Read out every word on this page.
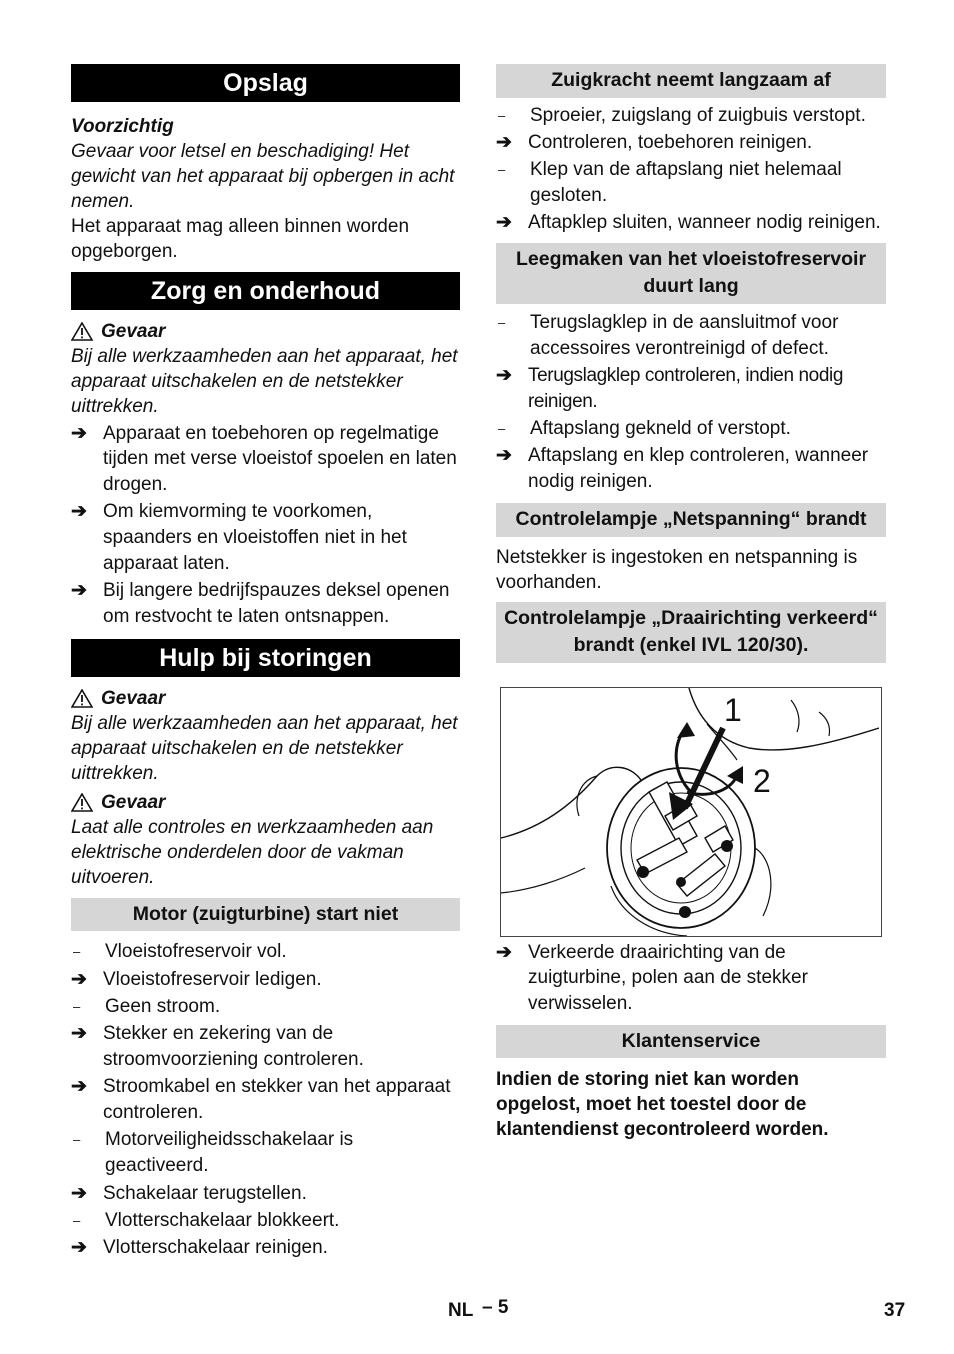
Opslag
Voorzichtig
Gevaar voor letsel en beschadiging! Het gewicht van het apparaat bij opbergen in acht nemen.
Het apparaat mag alleen binnen worden opgeborgen.
Zorg en onderhoud
Gevaar
Bij alle werkzaamheden aan het apparaat, het apparaat uitschakelen en de netstekker uittrekken.
➔ Apparaat en toebehoren op regelmatige tijden met verse vloeistof spoelen en laten drogen.
➔ Om kiemvorming te voorkomen, spaanders en vloeistoffen niet in het apparaat laten.
➔ Bij langere bedrijfspauzes deksel openen om restvocht te laten ontsnappen.
Hulp bij storingen
Gevaar
Bij alle werkzaamheden aan het apparaat, het apparaat uitschakelen en de netstekker uittrekken.
Gevaar
Laat alle controles en werkzaamheden aan elektrische onderdelen door de vakman uitvoeren.
Motor (zuigturbine) start niet
–	Vloeistofreservoir vol.
➔ Vloeistofreservoir ledigen.
–	Geen stroom.
➔ Stekker en zekering van de stroomvoorziening controleren.
➔ Stroomkabel en stekker van het apparaat controleren.
–	Motorveiligheidsschakelaar is geactiveerd.
➔ Schakelaar terugstellen.
–	Vlotterschakelaar blokkeert.
➔ Vlotterschakelaar reinigen.
Zuigkracht neemt langzaam af
–	Sproeier, zuigslang of zuigbuis verstopt.
➔ Controleren, toebehoren reinigen.
–	Klep van de aftapslang niet helemaal gesloten.
➔ Aftapklep sluiten, wanneer nodig reinigen.
Leegmaken van het vloeistofreservoir duurt lang
–	Terugslagklep in de aansluitmof voor accessoires verontreinigd of defect.
➔ Terugslagklep controleren, indien nodig reinigen.
–	Aftapslang gekneld of verstopt.
➔ Aftapslang en klep controleren, wanneer nodig reinigen.
Controlelampje „Netspanning“ brandt
Netstekker is ingestoken en netspanning is voorhanden.
Controlelampje „Draairichting verkeerd“ brandt (enkel IVL 120/30).
1
2
➔ Verkeerde draairichting van de zuigturbine, polen aan de stekker verwisselen.
Klantenservice
Indien de storing niet kan worden opgelost, moet het toestel door de klantendienst gecontroleerd worden.
NL – 5	37
